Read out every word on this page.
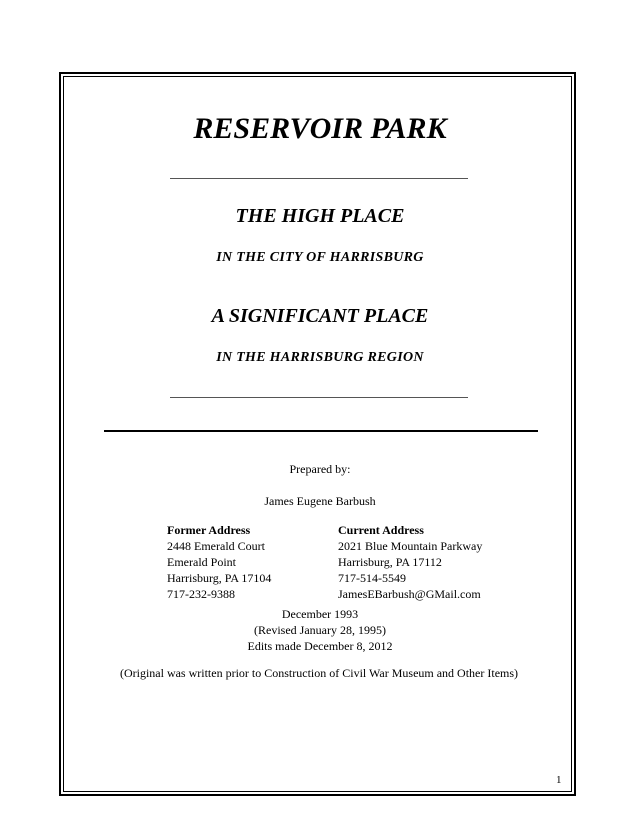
RESERVOIR PARK
THE HIGH PLACE
IN THE CITY OF HARRISBURG
A SIGNIFICANT PLACE
IN THE HARRISBURG REGION
Prepared by:
James Eugene Barbush
Former Address
2448 Emerald Court
Emerald Point
Harrisburg, PA 17104
717-232-9388
Current Address
2021 Blue Mountain Parkway
Harrisburg, PA 17112
717-514-5549
JamesEBarbush@GMail.com
December 1993
(Revised January 28, 1995)
Edits made December 8, 2012
(Original was written prior to Construction of Civil War Museum and Other Items)
1
